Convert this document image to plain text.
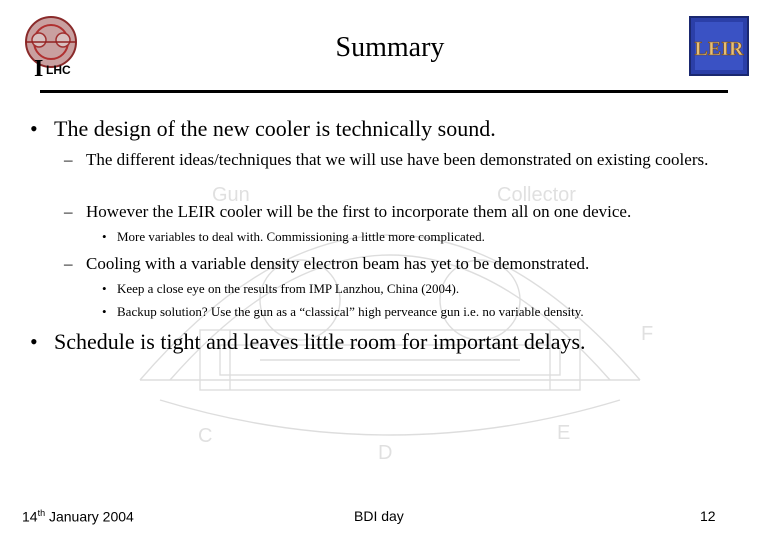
Gun	Collector
F
C	E
D
I LHC
LEIR
Summary
• The design of the new cooler is technically sound.
– The different ideas/techniques that we will use have been demonstrated on existing coolers.
– However the LEIR cooler will be the first to incorporate them all on one device.
• More variables to deal with. Commissioning a little more complicated.
– Cooling with a variable density electron beam has yet to be demonstrated.
• Keep a close eye on the results from IMP Lanzhou, China (2004).
• Backup solution? Use the gun as a “classical” high perveance gun i.e. no variable density.
• Schedule is tight and leaves little room for important delays.
14th January 2004	BDI day	12
